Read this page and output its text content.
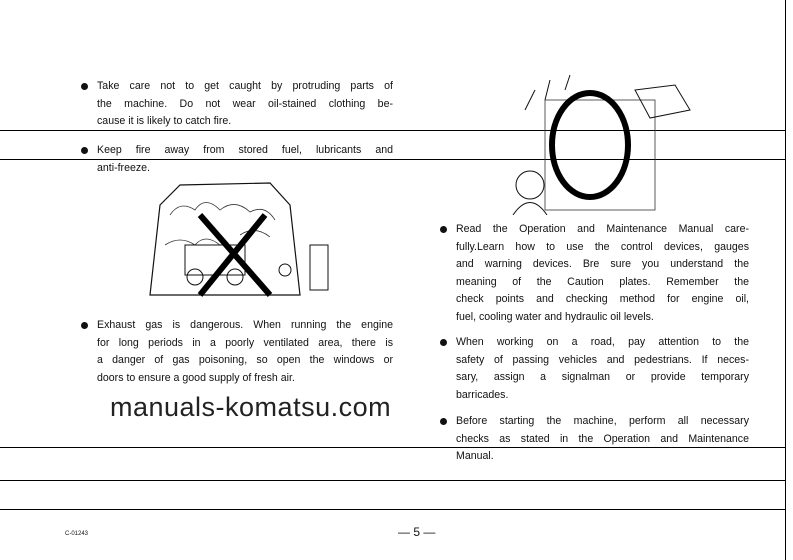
Take care not to get caught by protruding parts of
the machine. Do not wear oil-stained clothing be-
cause it is likely to catch fire.
Keep fire away from stored fuel, lubricants and
anti-freeze.
Exhaust gas is dangerous. When running the engine
for long periods in a poorly ventilated area, there is
a danger of gas poisoning, so open the windows or
doors to ensure a good supply of fresh air.
Read the Operation and Maintenance Manual care-
fully.Learn how to use the control devices, gauges
and warning devices. Bre sure you understand the
meaning of the Caution plates. Remember the
check points and checking method for engine oil,
fuel, cooling water and hydraulic oil levels.
When working on a road, pay attention to the
safety of passing vehicles and pedestrians. If neces-
sary, assign a signalman or provide temporary
barricades.
Before starting the machine, perform all necessary
checks as stated in the Operation and Maintenance
Manual.
manuals-komatsu.com
C-01243	— 5 —
